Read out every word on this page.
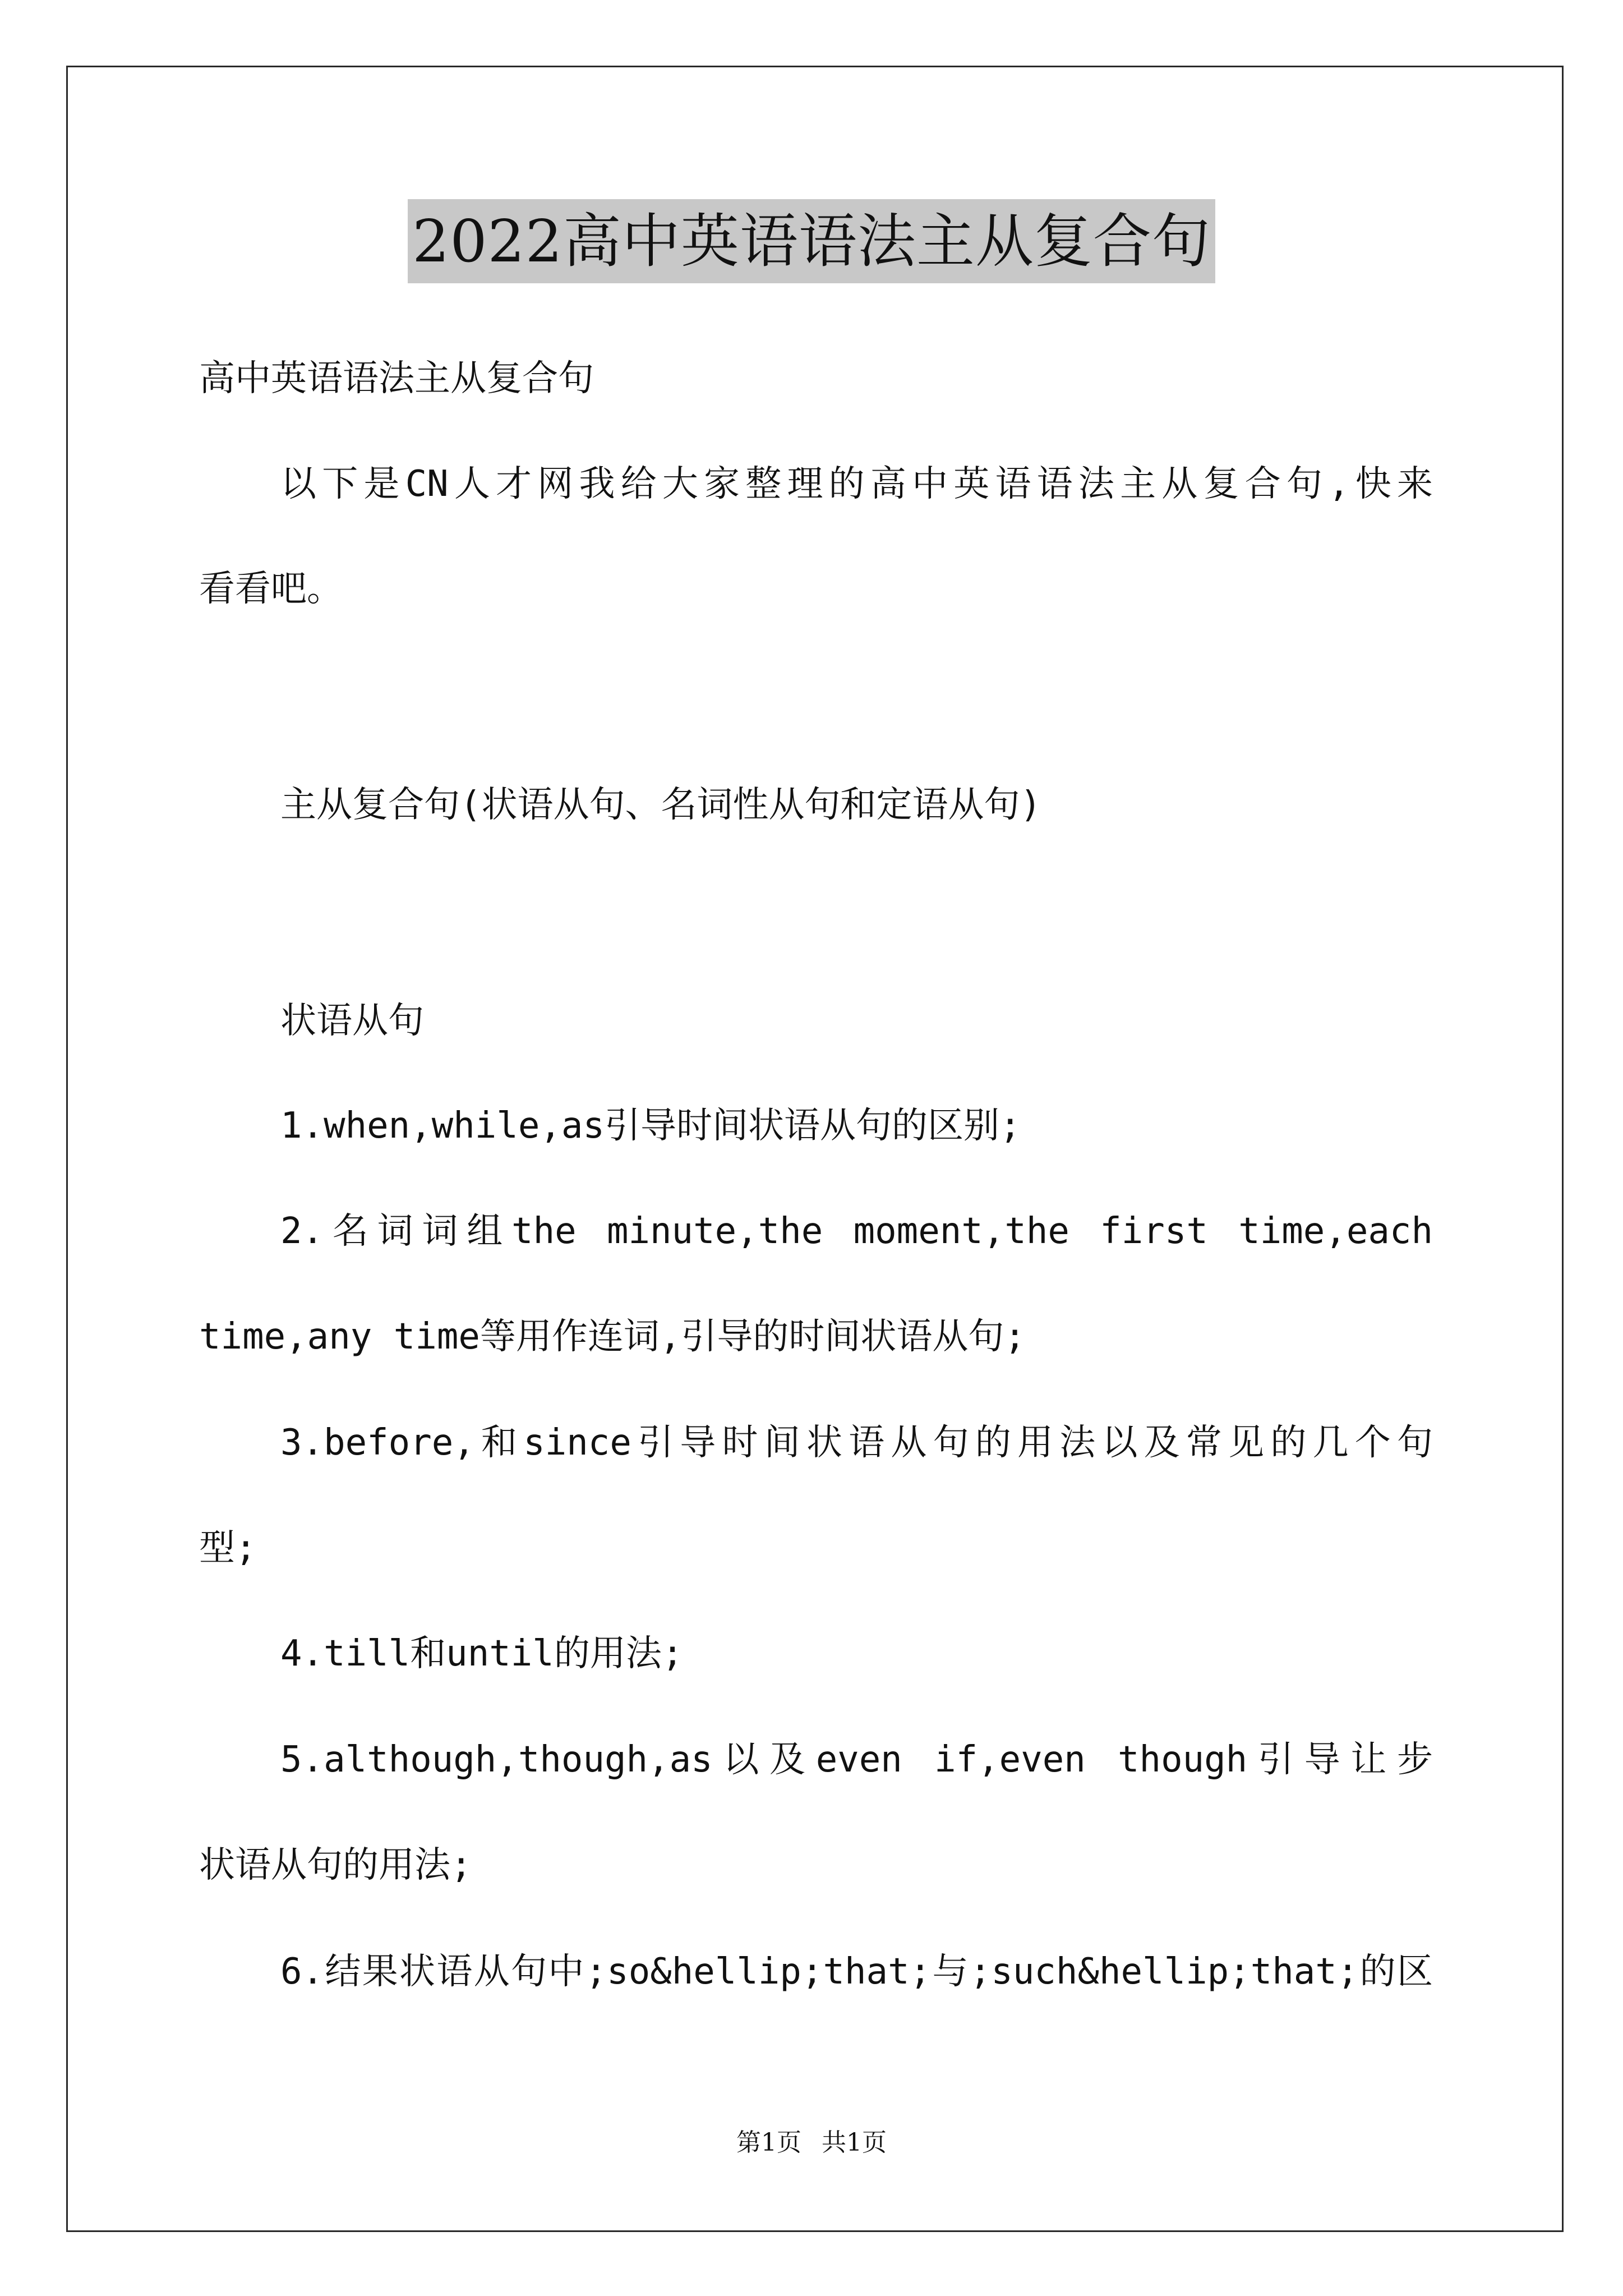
2022高中英语语法主从复合句
高中英语语法主从复合句
以下是CN人才网我给大家整理的高中英语语法主从复合句,快来
看看吧。
主从复合句(状语从句、名词性从句和定语从句)
状语从句
1.when,while,as引导时间状语从句的区别;
2.名词词组the minute,the moment,the first time,each
time,any time等用作连词,引导的时间状语从句;
3.before,和since引导时间状语从句的用法以及常见的几个句
型;
4.till和until的用法;
5.although,though,as以及even if,even though引导让步
状语从句的用法;
6.结果状语从句中;so&hellip;that;与;such&hellip;that;的区
第1页 共1页
